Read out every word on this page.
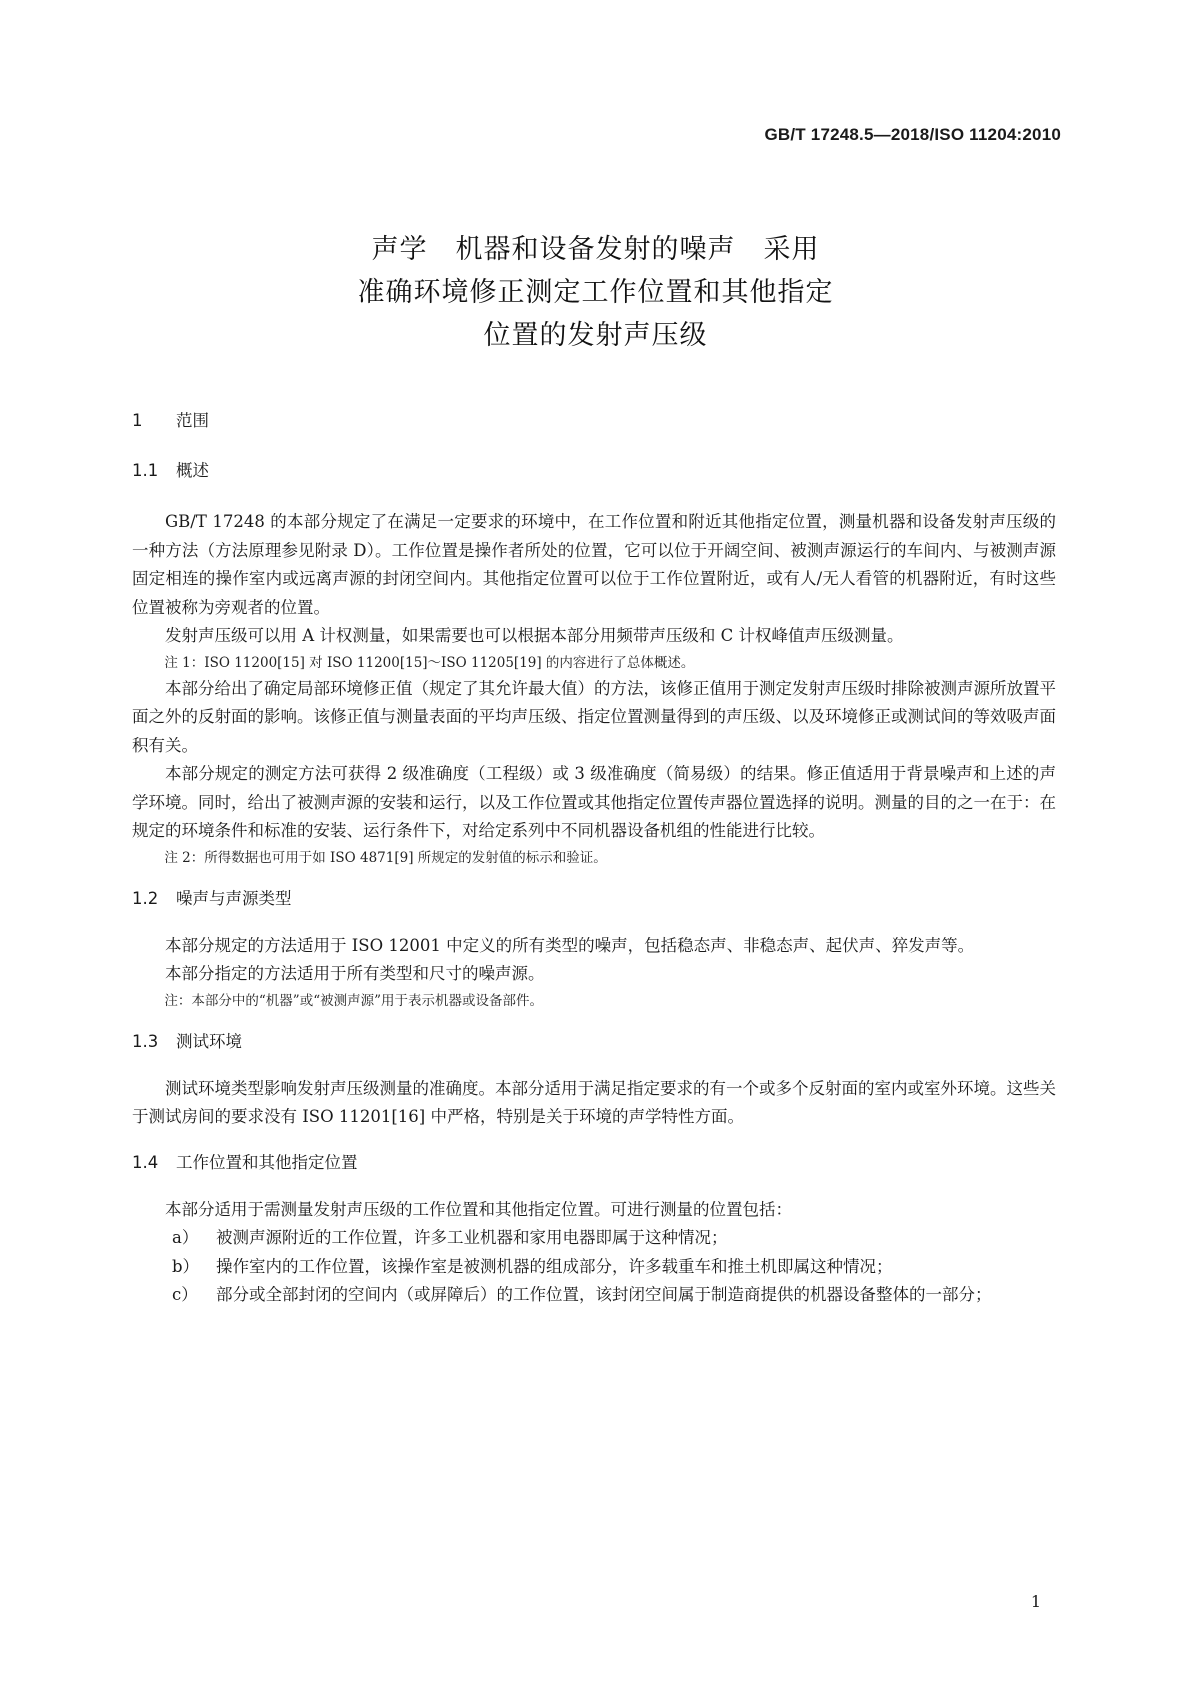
GB/T 17248.5—2018/ISO 11204:2010
声学　机器和设备发射的噪声　采用
准确环境修正测定工作位置和其他指定
位置的发射声压级
1 范围
1.1 概述

GB/T 17248 的本部分规定了在满足一定要求的环境中，在工作位置和附近其他指定位置，测量机器和设备发射声压级的一种方法（方法原理参见附录 D）。工作位置是操作者所处的位置，它可以位于开阔空间、被测声源运行的车间内、与被测声源固定相连的操作室内或远离声源的封闭空间内。其他指定位置可以位于工作位置附近，或有人/无人看管的机器附近，有时这些位置被称为旁观者的位置。

发射声压级可以用 A 计权测量，如果需要也可以根据本部分用频带声压级和 C 计权峰值声压级测量。

注 1：ISO 11200[15] 对 ISO 11200[15]～ISO 11205[19] 的内容进行了总体概述。

本部分给出了确定局部环境修正值（规定了其允许最大值）的方法，该修正值用于测定发射声压级时排除被测声源所放置平面之外的反射面的影响。该修正值与测量表面的平均声压级、指定位置测量得到的声压级、以及环境修正或测试间的等效吸声面积有关。

本部分规定的测定方法可获得 2 级准确度（工程级）或 3 级准确度（简易级）的结果。修正值适用于背景噪声和上述的声学环境。同时，给出了被测声源的安装和运行，以及工作位置或其他指定位置传声器位置选择的说明。测量的目的之一在于：在规定的环境条件和标准的安装、运行条件下，对给定系列中不同机器设备机组的性能进行比较。

注 2：所得数据也可用于如 ISO 4871[9] 所规定的发射值的标示和验证。

1.2 噪声与声源类型

本部分规定的方法适用于 ISO 12001 中定义的所有类型的噪声，包括稳态声、非稳态声、起伏声、猝发声等。

本部分指定的方法适用于所有类型和尺寸的噪声源。

注：本部分中的“机器”或“被测声源”用于表示机器或设备部件。

1.3 测试环境

测试环境类型影响发射声压级测量的准确度。本部分适用于满足指定要求的有一个或多个反射面的室内或室外环境。这些关于测试房间的要求没有 ISO 11201[16] 中严格，特别是关于环境的声学特性方面。

1.4 工作位置和其他指定位置

本部分适用于需测量发射声压级的工作位置和其他指定位置。可进行测量的位置包括：

a） 被测声源附近的工作位置，许多工业机器和家用电器即属于这种情况；
b） 操作室内的工作位置，该操作室是被测机器的组成部分，许多载重车和推土机即属这种情况；
c） 部分或全部封闭的空间内（或屏障后）的工作位置，该封闭空间属于制造商提供的机器设备整体的一部分；
1
